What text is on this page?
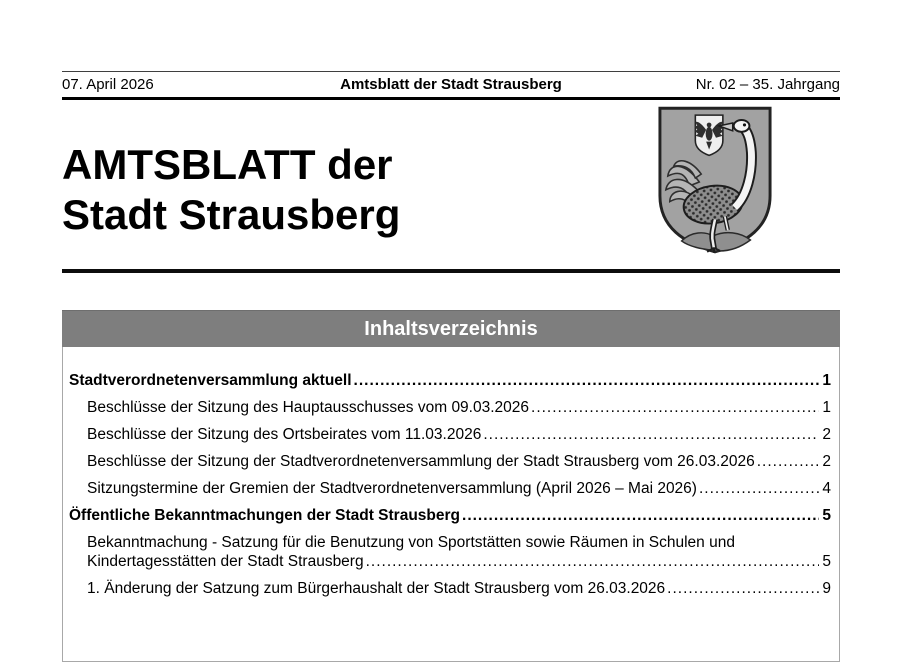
07. April 2026	Amtsblatt der Stadt Strausberg	Nr. 02 – 35. Jahrgang
AMTSBLATT der
Stadt Strausberg
Inhaltsverzeichnis
Stadtverordnetenversammlung aktuell .....	1
Beschlüsse der Sitzung des Hauptausschusses vom 09.03.2026 .....	1
Beschlüsse der Sitzung des Ortsbeirates vom 11.03.2026 .....	2
Beschlüsse der Sitzung der Stadtverordnetenversammlung der Stadt Strausberg vom 26.03.2026 .....	2
Sitzungstermine der Gremien der Stadtverordnetenversammlung (April 2026 – Mai 2026) .....	4
Öffentliche Bekanntmachungen der Stadt Strausberg .....	5
Bekanntmachung - Satzung für die Benutzung von Sportstätten sowie Räumen in Schulen und
Kindertagesstätten der Stadt Strausberg .....	5
1. Änderung der Satzung zum Bürgerhaushalt der Stadt Strausberg vom 26.03.2026 .....	9
